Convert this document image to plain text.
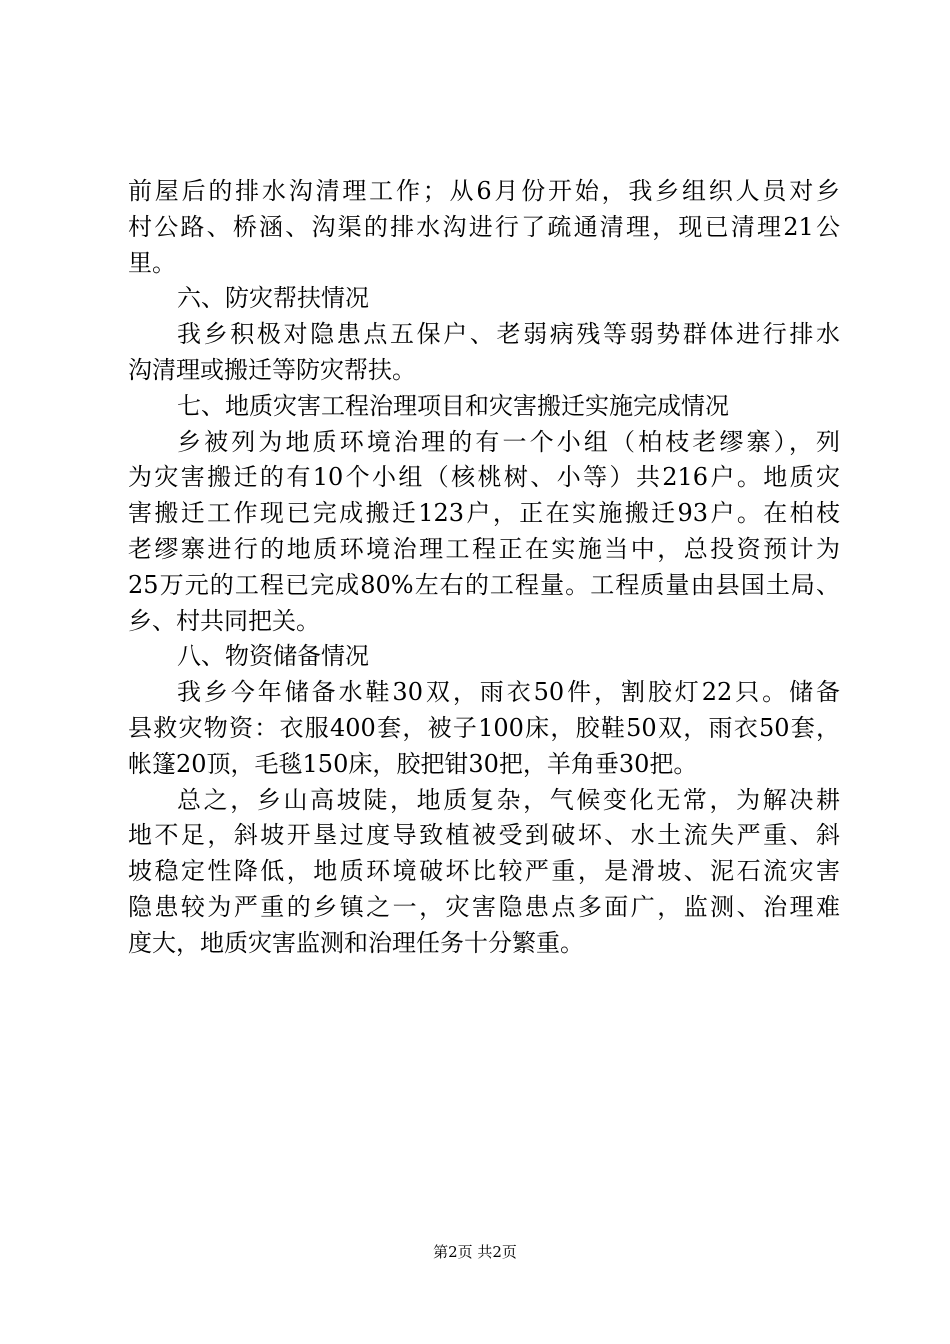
前屋后的排水沟清理工作；从6月份开始，我乡组织人员对乡
村公路、桥涵、沟渠的排水沟进行了疏通清理，现已清理21公
里。
六、防灾帮扶情况
我乡积极对隐患点五保户、老弱病残等弱势群体进行排水
沟清理或搬迁等防灾帮扶。
七、地质灾害工程治理项目和灾害搬迁实施完成情况
乡被列为地质环境治理的有一个小组（柏枝老缪寨），列
为灾害搬迁的有10个小组（核桃树、小等）共216户。地质灾
害搬迁工作现已完成搬迁123户，正在实施搬迁93户。在柏枝
老缪寨进行的地质环境治理工程正在实施当中，总投资预计为
25万元的工程已完成80%左右的工程量。工程质量由县国土局、
乡、村共同把关。
八、物资储备情况
我乡今年储备水鞋30双，雨衣50件，割胶灯22只。储备
县救灾物资：衣服400套，被子100床，胶鞋50双，雨衣50套，
帐篷20顶，毛毯150床，胶把钳30把，羊角垂30把。
总之，乡山高坡陡，地质复杂，气候变化无常，为解决耕
地不足，斜坡开垦过度导致植被受到破坏、水土流失严重、斜
坡稳定性降低，地质环境破坏比较严重，是滑坡、泥石流灾害
隐患较为严重的乡镇之一，灾害隐患点多面广，监测、治理难
度大，地质灾害监测和治理任务十分繁重。
第2页 共2页
